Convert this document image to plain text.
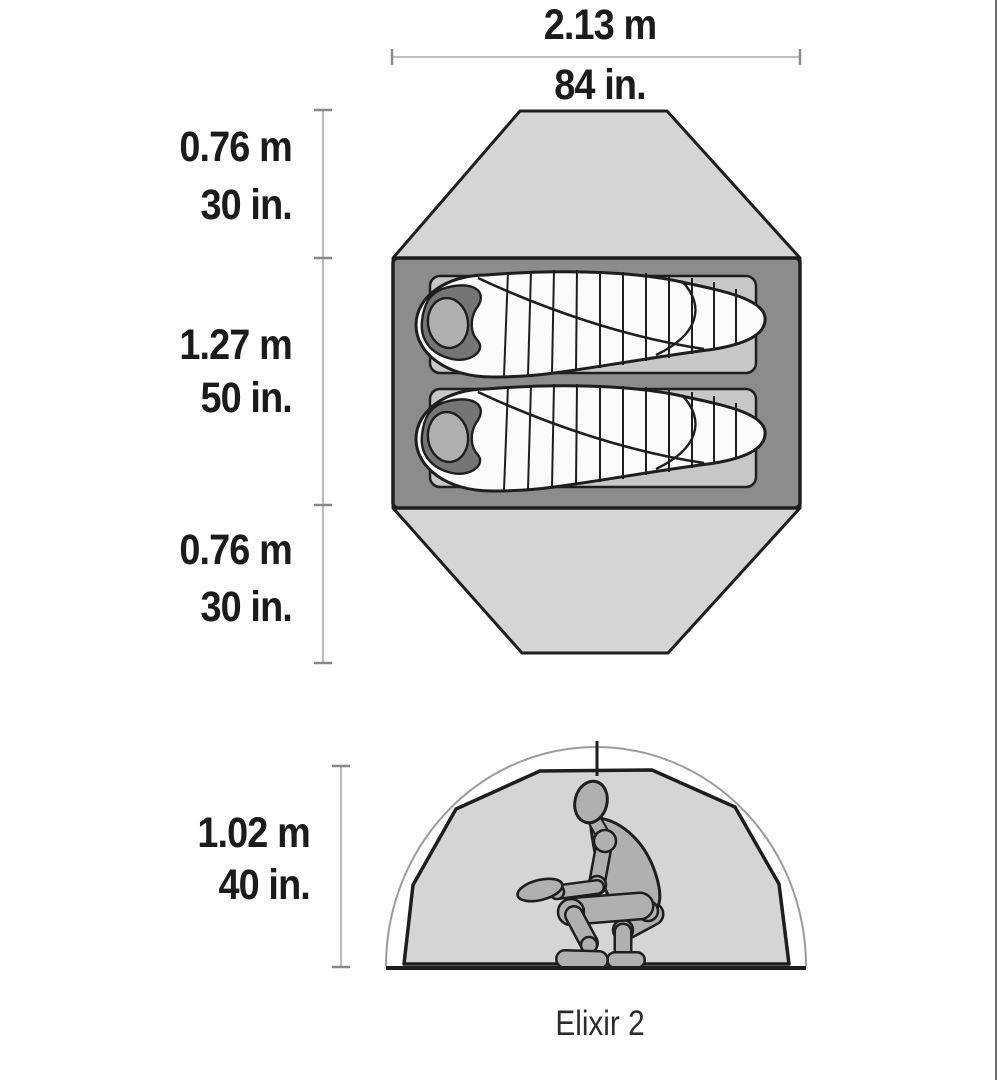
2.13 m
84 in.
0.76 m
30 in.
1.27 m
50 in.
0.76 m
30 in.
1.02 m
40 in.
Elixir 2
